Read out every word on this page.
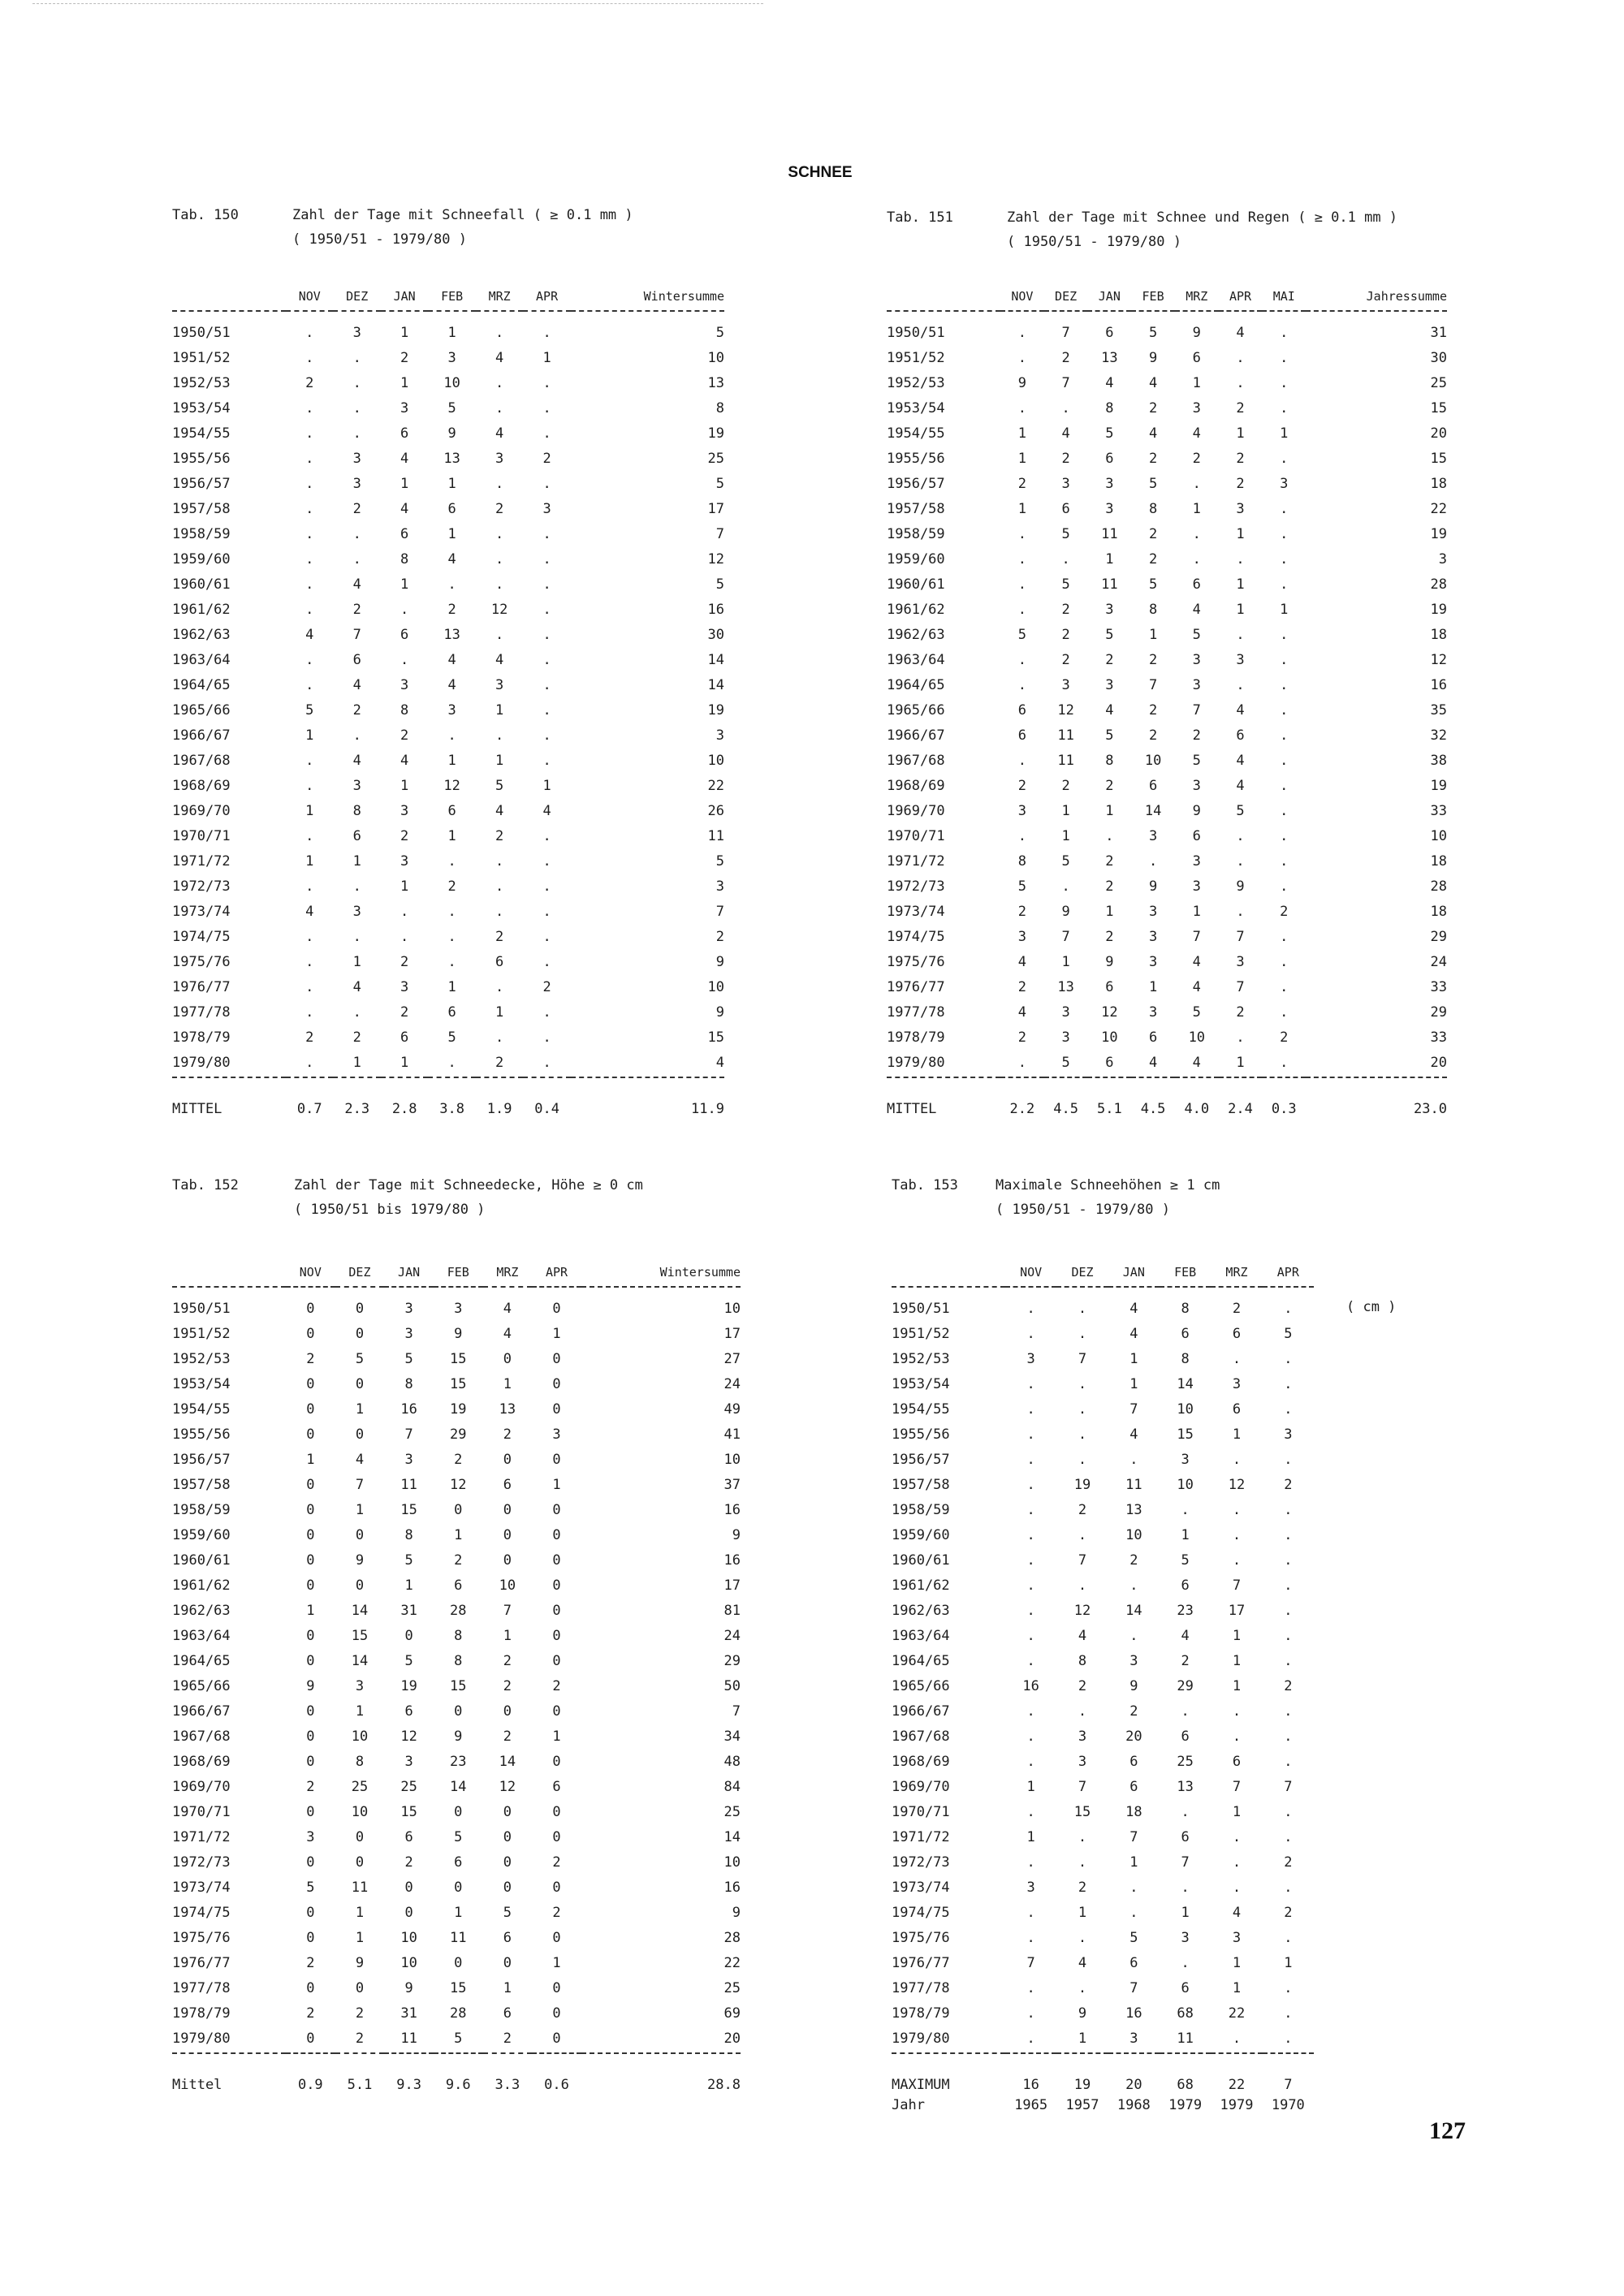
SCHNEE
Tab. 150	Zahl der Tage mit Schneefall ( ≥ 0.1 mm )
( 1950/51 - 1979/80 )
	NOV	DEZ	JAN	FEB	MRZ	APR	Wintersumme

1950/51	.	3	1	1	.	.	5
1951/52	.	.	2	3	4	1	10
1952/53	2	.	1	10	.	.	13
1953/54	.	.	3	5	.	.	8
1954/55	.	.	6	9	4	.	19
1955/56	.	3	4	13	3	2	25
1956/57	.	3	1	1	.	.	5
1957/58	.	2	4	6	2	3	17
1958/59	.	.	6	1	.	.	7
1959/60	.	.	8	4	.	.	12
1960/61	.	4	1	.	.	.	5
1961/62	.	2	.	2	12	.	16
1962/63	4	7	6	13	.	.	30
1963/64	.	6	.	4	4	.	14
1964/65	.	4	3	4	3	.	14
1965/66	5	2	8	3	1	.	19
1966/67	1	.	2	.	.	.	3
1967/68	.	4	4	1	1	.	10
1968/69	.	3	1	12	5	1	22
1969/70	1	8	3	6	4	4	26
1970/71	.	6	2	1	2	.	11
1971/72	1	1	3	.	.	.	5
1972/73	.	.	1	2	.	.	3
1973/74	4	3	.	.	.	.	7
1974/75	.	.	.	.	2	.	2
1975/76	.	1	2	.	6	.	9
1976/77	.	4	3	1	.	2	10
1977/78	.	.	2	6	1	.	9
1978/79	2	2	6	5	.	.	15
1979/80	.	1	1	.	2	.	4
MITTEL	0.7	2.3	2.8	3.8	1.9	0.4	11.9
Tab. 151	Zahl der Tage mit Schnee und Regen ( ≥ 0.1 mm )
( 1950/51 - 1979/80 )
	NOV	DEZ	JAN	FEB	MRZ	APR	MAI	Jahressumme

1950/51	.	7	6	5	9	4	.	31
1951/52	.	2	13	9	6	.	.	30
1952/53	9	7	4	4	1	.	.	25
1953/54	.	.	8	2	3	2	.	15
1954/55	1	4	5	4	4	1	1	20
1955/56	1	2	6	2	2	2	.	15
1956/57	2	3	3	5	.	2	3	18
1957/58	1	6	3	8	1	3	.	22
1958/59	.	5	11	2	.	1	.	19
1959/60	.	.	1	2	.	.	.	3
1960/61	.	5	11	5	6	1	.	28
1961/62	.	2	3	8	4	1	1	19
1962/63	5	2	5	1	5	.	.	18
1963/64	.	2	2	2	3	3	.	12
1964/65	.	3	3	7	3	.	.	16
1965/66	6	12	4	2	7	4	.	35
1966/67	6	11	5	2	2	6	.	32
1967/68	.	11	8	10	5	4	.	38
1968/69	2	2	2	6	3	4	.	19
1969/70	3	1	1	14	9	5	.	33
1970/71	.	1	.	3	6	.	.	10
1971/72	8	5	2	.	3	.	.	18
1972/73	5	.	2	9	3	9	.	28
1973/74	2	9	1	3	1	.	2	18
1974/75	3	7	2	3	7	7	.	29
1975/76	4	1	9	3	4	3	.	24
1976/77	2	13	6	1	4	7	.	33
1977/78	4	3	12	3	5	2	.	29
1978/79	2	3	10	6	10	.	2	33
1979/80	.	5	6	4	4	1	.	20
MITTEL	2.2	4.5	5.1	4.5	4.0	2.4	0.3	23.0
Tab. 152	Zahl der Tage mit Schneedecke, Höhe ≥ 0 cm
( 1950/51 bis 1979/80 )
	NOV	DEZ	JAN	FEB	MRZ	APR	Wintersumme

1950/51	0	0	3	3	4	0	10
1951/52	0	0	3	9	4	1	17
1952/53	2	5	5	15	0	0	27
1953/54	0	0	8	15	1	0	24
1954/55	0	1	16	19	13	0	49
1955/56	0	0	7	29	2	3	41
1956/57	1	4	3	2	0	0	10
1957/58	0	7	11	12	6	1	37
1958/59	0	1	15	0	0	0	16
1959/60	0	0	8	1	0	0	9
1960/61	0	9	5	2	0	0	16
1961/62	0	0	1	6	10	0	17
1962/63	1	14	31	28	7	0	81
1963/64	0	15	0	8	1	0	24
1964/65	0	14	5	8	2	0	29
1965/66	9	3	19	15	2	2	50
1966/67	0	1	6	0	0	0	7
1967/68	0	10	12	9	2	1	34
1968/69	0	8	3	23	14	0	48
1969/70	2	25	25	14	12	6	84
1970/71	0	10	15	0	0	0	25
1971/72	3	0	6	5	0	0	14
1972/73	0	0	2	6	0	2	10
1973/74	5	11	0	0	0	0	16
1974/75	0	1	0	1	5	2	9
1975/76	0	1	10	11	6	0	28
1976/77	2	9	10	0	0	1	22
1977/78	0	0	9	15	1	0	25
1978/79	2	2	31	28	6	0	69
1979/80	0	2	11	5	2	0	20
Mittel	0.9	5.1	9.3	9.6	3.3	0.6	28.8
Tab. 153	Maximale Schneehöhen ≥ 1 cm
( 1950/51 - 1979/80 )
( cm )
	NOV	DEZ	JAN	FEB	MRZ	APR

1950/51	.	.	4	8	2	.
1951/52	.	.	4	6	6	5
1952/53	3	7	1	8	.	.
1953/54	.	.	1	14	3	.
1954/55	.	.	7	10	6	.
1955/56	.	.	4	15	1	3
1956/57	.	.	.	3	.	.
1957/58	.	19	11	10	12	2
1958/59	.	2	13	.	.	.
1959/60	.	.	10	1	.	.
1960/61	.	7	2	5	.	.
1961/62	.	.	.	6	7	.
1962/63	.	12	14	23	17	.
1963/64	.	4	.	4	1	.
1964/65	.	8	3	2	1	.
1965/66	16	2	9	29	1	2
1966/67	.	.	2	.	.	.
1967/68	.	3	20	6	.	.
1968/69	.	3	6	25	6	.
1969/70	1	7	6	13	7	7
1970/71	.	15	18	.	1	.
1971/72	1	.	7	6	.	.
1972/73	.	.	1	7	.	2
1973/74	3	2	.	.	.	.
1974/75	.	1	.	1	4	2
1975/76	.	.	5	3	3	.
1976/77	7	4	6	.	1	1
1977/78	.	.	7	6	1	.
1978/79	.	9	16	68	22	.
1979/80	.	1	3	11	.	.
MAXIMUM	16	19	20	68	22	7
Jahr	1965	1957	1968	1979	1979	1970
127
